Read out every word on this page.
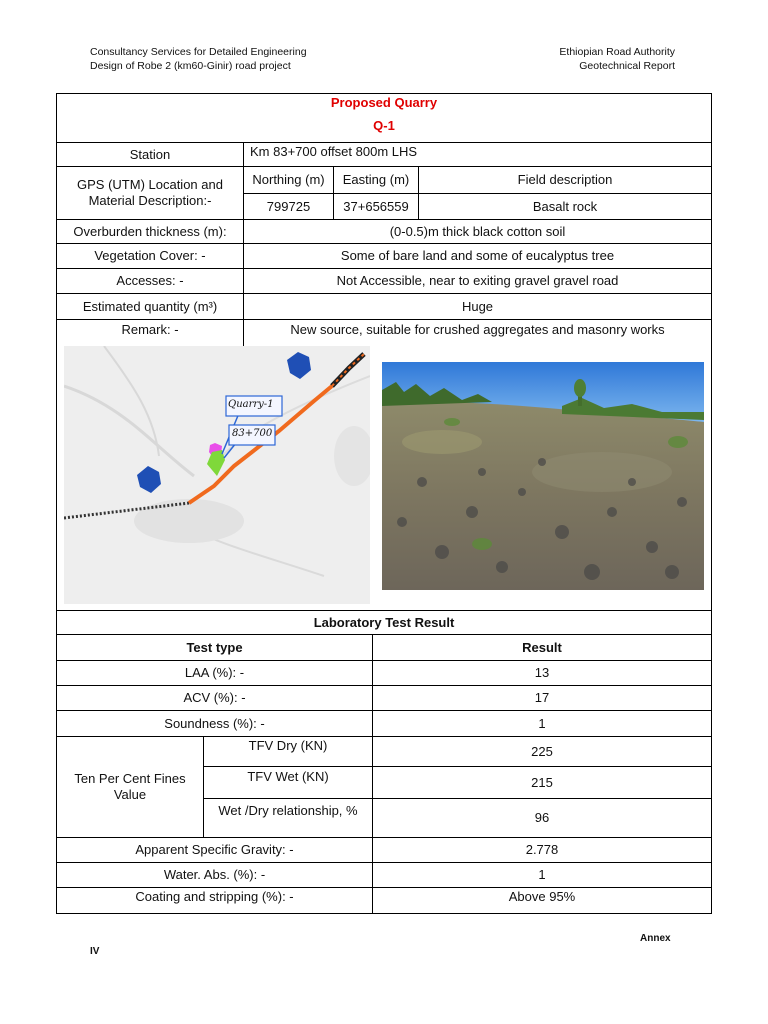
Consultancy Services for Detailed Engineering
Design of Robe 2 (km60-Ginir) road project
Ethiopian Road Authority
Geotechnical Report
Proposed Quarry
Q-1
Station	Km 83+700 offset 800m LHS
GPS (UTM) Location and Material Description:-
Northing (m)	Easting (m)	Field description
799725	37+656559	Basalt rock
Overburden thickness (m):	(0-0.5)m thick black cotton soil
Vegetation Cover: -	Some of bare land and some of eucalyptus tree
Accesses: -	Not Accessible, near to exiting gravel gravel road
Estimated quantity (m³)	Huge
Remark: -	New source, suitable for crushed aggregates and masonry works
Quarry-1
83+700
Laboratory Test Result
Test type	Result
LAA (%): -	13
ACV (%): -	17
Soundness (%): -	1
Ten Per Cent Fines Value
TFV Dry (KN)	225
TFV Wet (KN)	215
Wet /Dry relationship, %	96
Apparent Specific Gravity: -	2.778
Water. Abs. (%): -	1
Coating and stripping (%): -	Above 95%
Annex
IV
